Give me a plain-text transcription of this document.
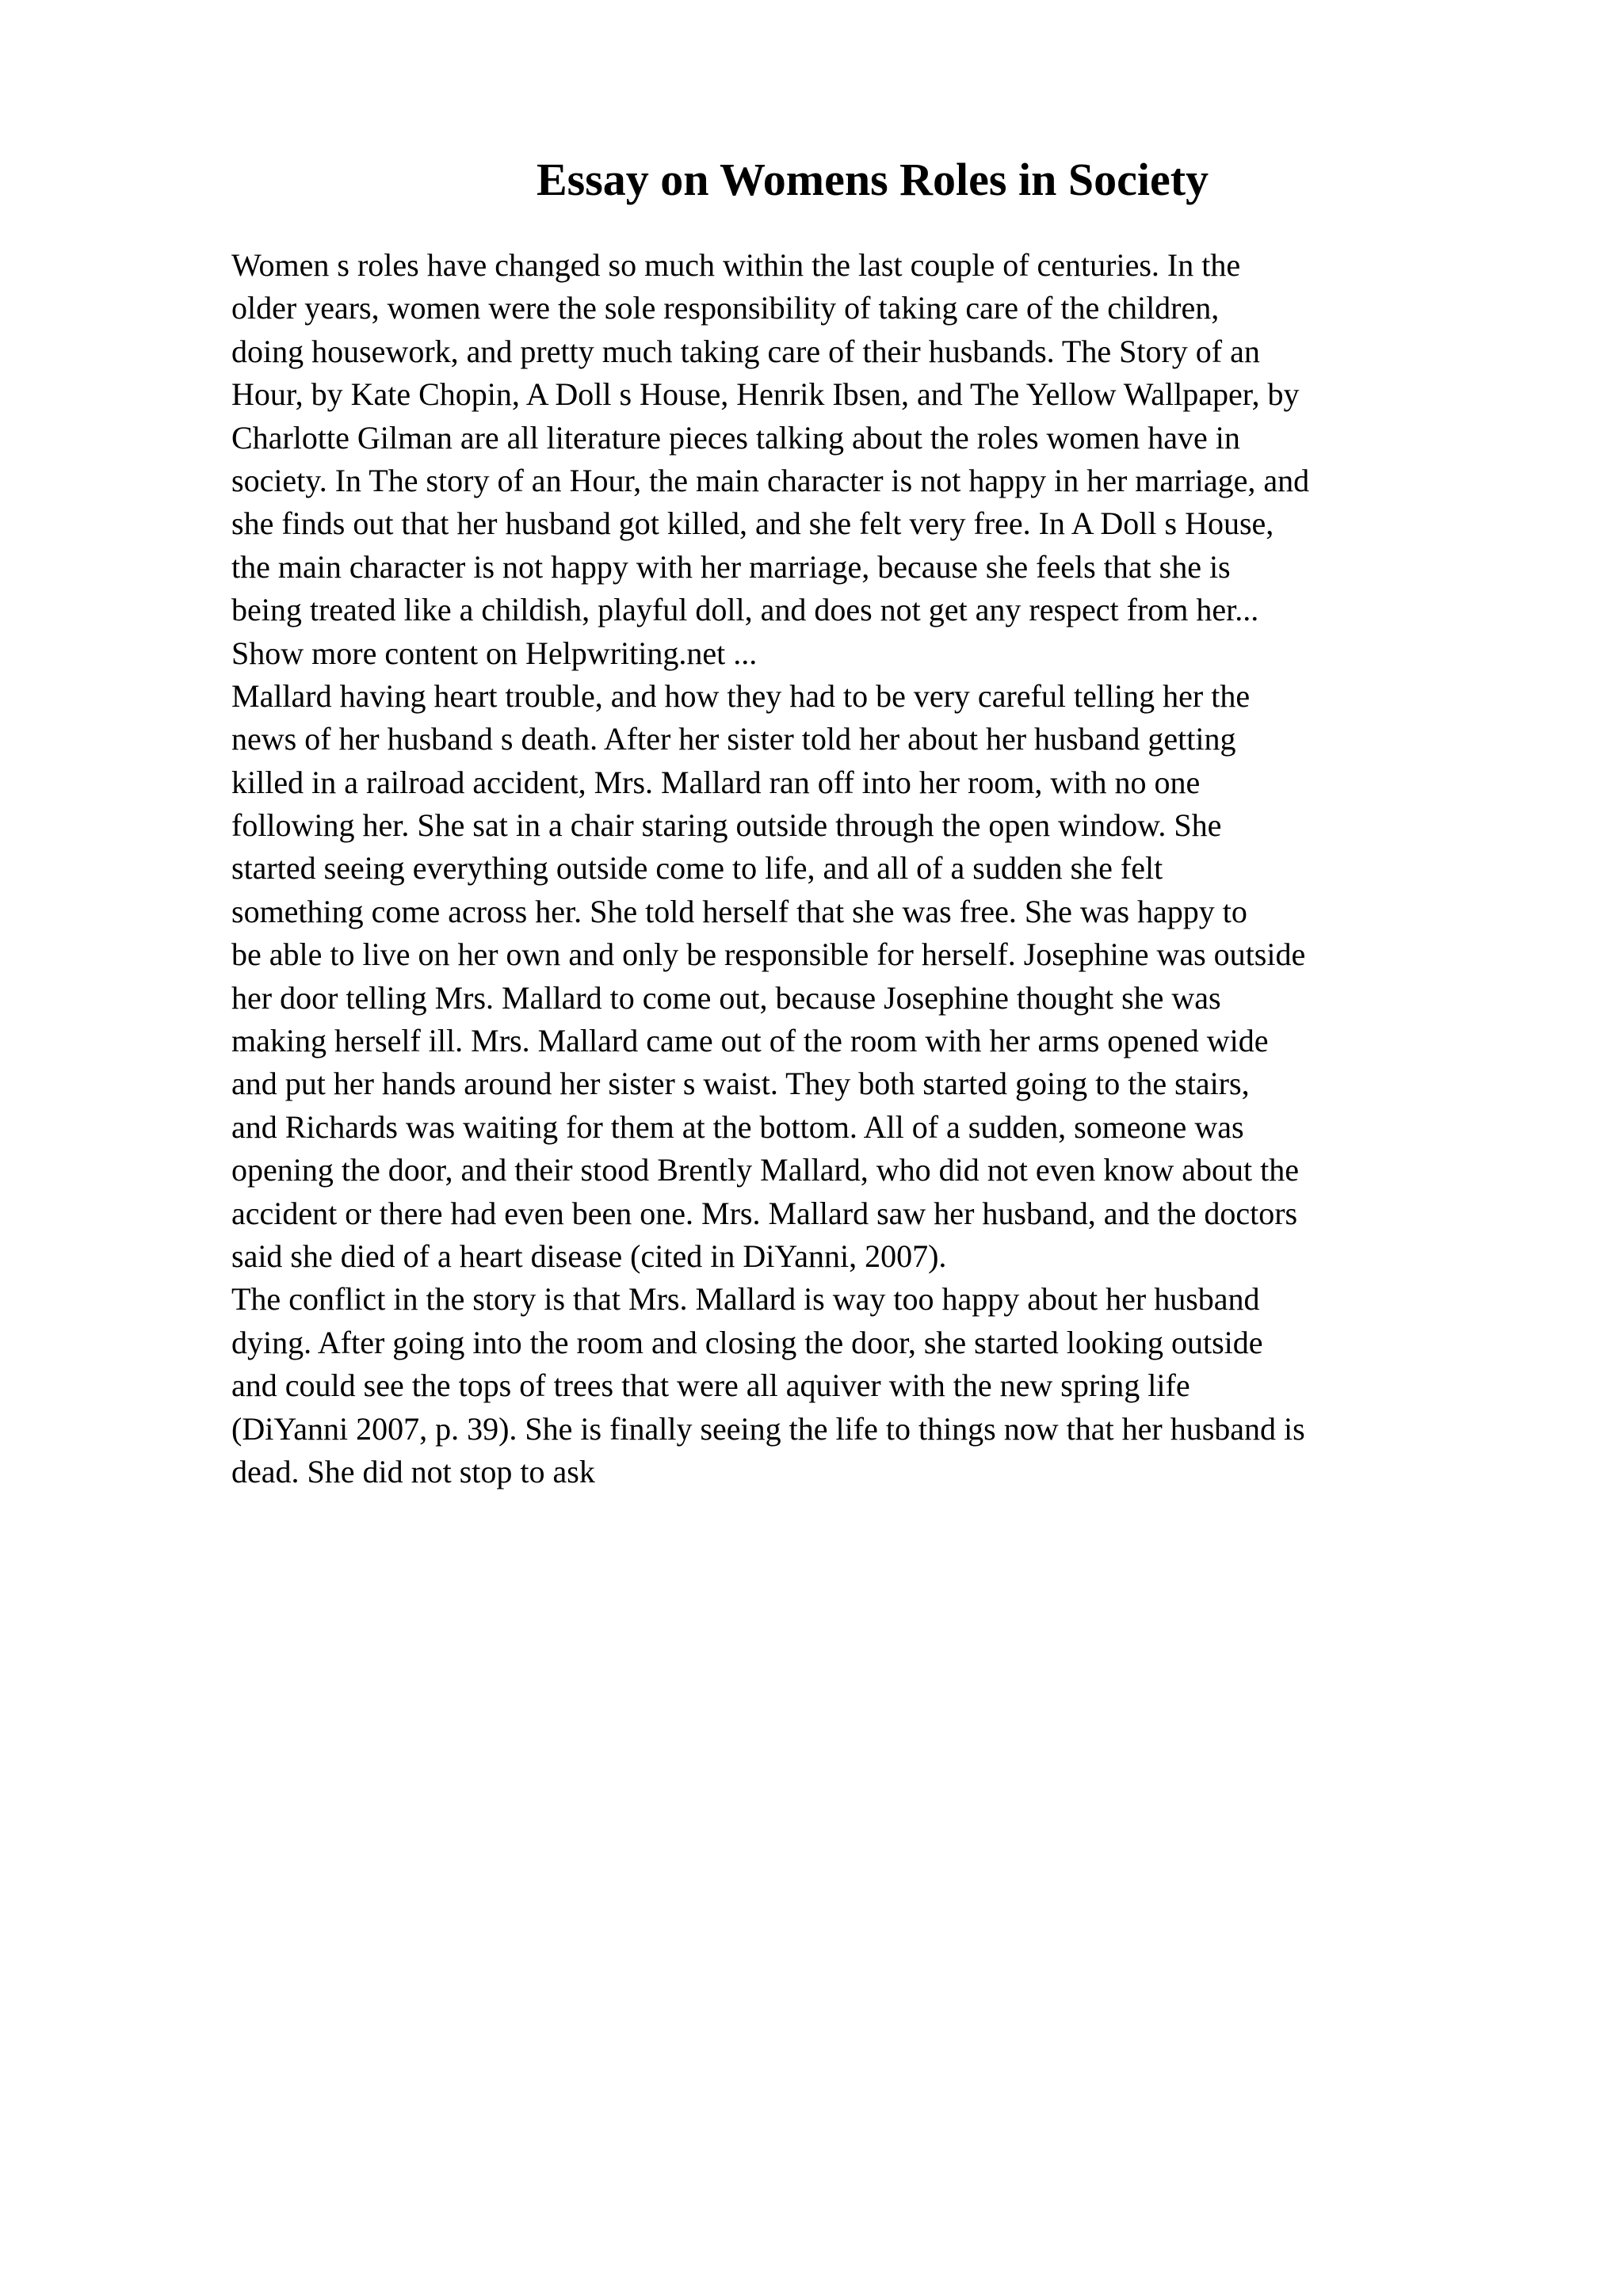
Essay on Womens Roles in Society
Women s roles have changed so much within the last couple of centuries. In the
older years, women were the sole responsibility of taking care of the children,
doing housework, and pretty much taking care of their husbands. The Story of an
Hour, by Kate Chopin, A Doll s House, Henrik Ibsen, and The Yellow Wallpaper, by
Charlotte Gilman are all literature pieces talking about the roles women have in
society. In The story of an Hour, the main character is not happy in her marriage, and
she finds out that her husband got killed, and she felt very free. In A Doll s House,
the main character is not happy with her marriage, because she feels that she is
being treated like a childish, playful doll, and does not get any respect from her...
Show more content on Helpwriting.net ...
Mallard having heart trouble, and how they had to be very careful telling her the
news of her husband s death. After her sister told her about her husband getting
killed in a railroad accident, Mrs. Mallard ran off into her room, with no one
following her. She sat in a chair staring outside through the open window. She
started seeing everything outside come to life, and all of a sudden she felt
something come across her. She told herself that she was free. She was happy to
be able to live on her own and only be responsible for herself. Josephine was outside
her door telling Mrs. Mallard to come out, because Josephine thought she was
making herself ill. Mrs. Mallard came out of the room with her arms opened wide
and put her hands around her sister s waist. They both started going to the stairs,
and Richards was waiting for them at the bottom. All of a sudden, someone was
opening the door, and their stood Brently Mallard, who did not even know about the
accident or there had even been one. Mrs. Mallard saw her husband, and the doctors
said she died of a heart disease (cited in DiYanni, 2007).
The conflict in the story is that Mrs. Mallard is way too happy about her husband
dying. After going into the room and closing the door, she started looking outside
and could see the tops of trees that were all aquiver with the new spring life
(DiYanni 2007, p. 39). She is finally seeing the life to things now that her husband is
dead. She did not stop to ask
